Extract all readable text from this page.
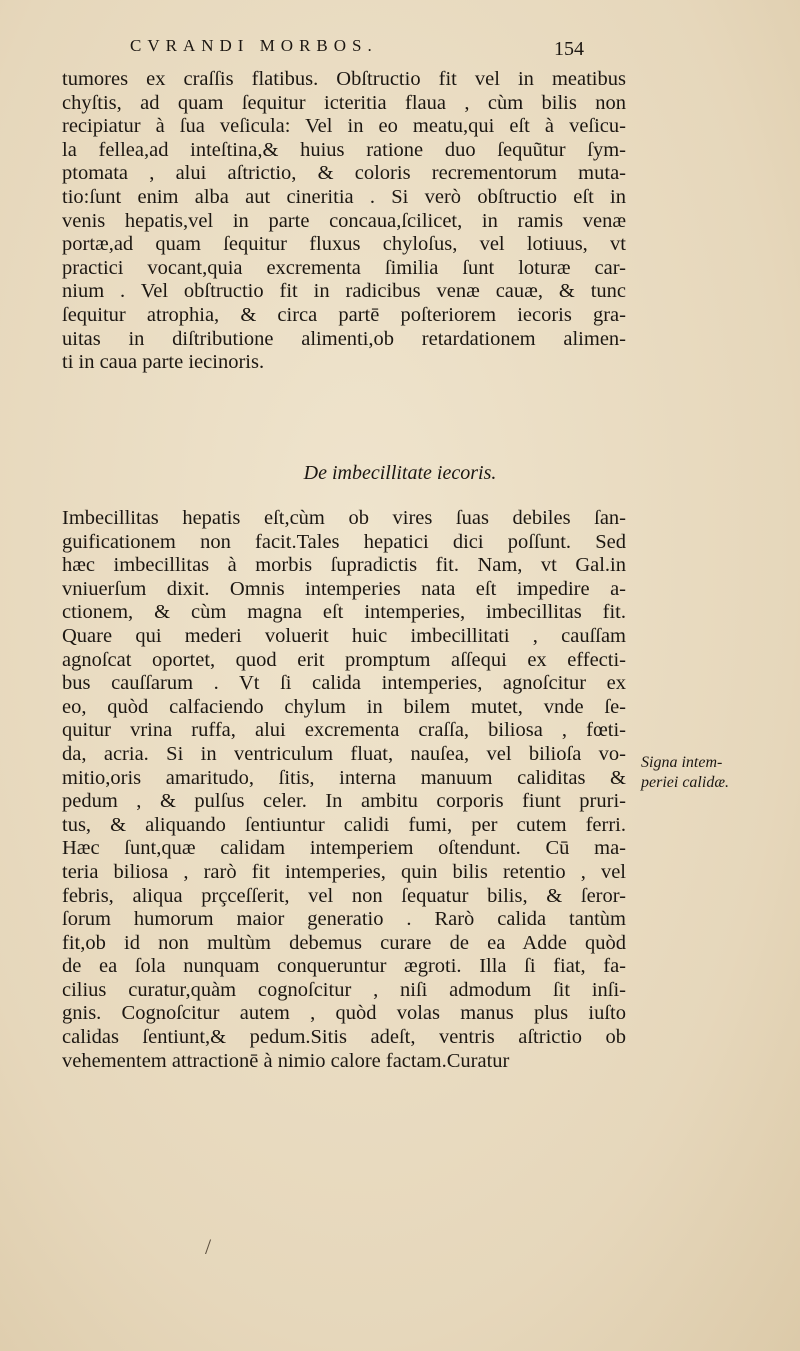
CVRANDI MORBOS.	154
tumores ex craſſis flatibus. Obſtructio fit vel in meatibus
chyſtis, ad quam ſequitur icteritia flaua , cùm bilis non
recipiatur à ſua veſicula: Vel in eo meatu,qui eſt à veſicu-
la fellea,ad inteſtina,& huius ratione duo ſequũtur ſym-
ptomata , alui aſtrictio, & coloris recrementorum muta-
tio:ſunt enim alba aut cineritia . Si verò obſtructio eſt in
venis hepatis,vel in parte concaua,ſcilicet, in ramis venæ
portæ,ad quam ſequitur fluxus chyloſus, vel lotiuus, vt
practici vocant,quia excrementa ſimilia ſunt loturæ car-
nium . Vel obſtructio fit in radicibus venæ cauæ, & tunc
ſequitur atrophia, & circa partē poſteriorem iecoris gra-
uitas in diſtributione alimenti,ob retardationem alimen-
ti in caua parte iecinoris.
De imbecillitate iecoris.
Imbecillitas hepatis eſt,cùm ob vires ſuas debiles ſan-
guificationem non facit.Tales hepatici dici poſſunt. Sed
hæc imbecillitas à morbis ſupradictis fit. Nam, vt Gal.in
vniuerſum dixit. Omnis intemperies nata eſt impedire a-
ctionem, & cùm magna eſt intemperies, imbecillitas fit.
Quare qui mederi voluerit huic imbecillitati , cauſſam
agnoſcat oportet, quod erit promptum aſſequi ex effecti-
bus cauſſarum . Vt ſi calida intemperies, agnoſcitur ex
eo, quòd calfaciendo chylum in bilem mutet, vnde ſe-
quitur vrina ruffa, alui excrementa craſſa, biliosa , fœti-
da, acria. Si in ventriculum fluat, nauſea, vel bilioſa vo-
mitio,oris amaritudo, ſitis, interna manuum caliditas &
pedum , & pulſus celer. In ambitu corporis fiunt pruri-
tus, & aliquando ſentiuntur calidi fumi, per cutem ferri.
Hæc ſunt,quæ calidam intemperiem oſtendunt. Cū ma-
teria biliosa , rarò fit intemperies, quin bilis retentio , vel
febris, aliqua prçceſſerit, vel non ſequatur bilis, & ſeror-
ſorum humorum maior generatio . Rarò calida tantùm
fit,ob id non multùm debemus curare de ea Adde quòd
de ea ſola nunquam conqueruntur ægroti. Illa ſi fiat, fa-
cilius curatur,quàm cognoſcitur , niſi admodum ſit inſi-
gnis. Cognoſcitur autem , quòd volas manus plus iuſto
calidas ſentiunt,& pedum.Sitis adeſt, ventris aſtrictio ob
vehementem attractionē à nimio calore factam.Curatur
Signa intem-
periei calidæ.
/
